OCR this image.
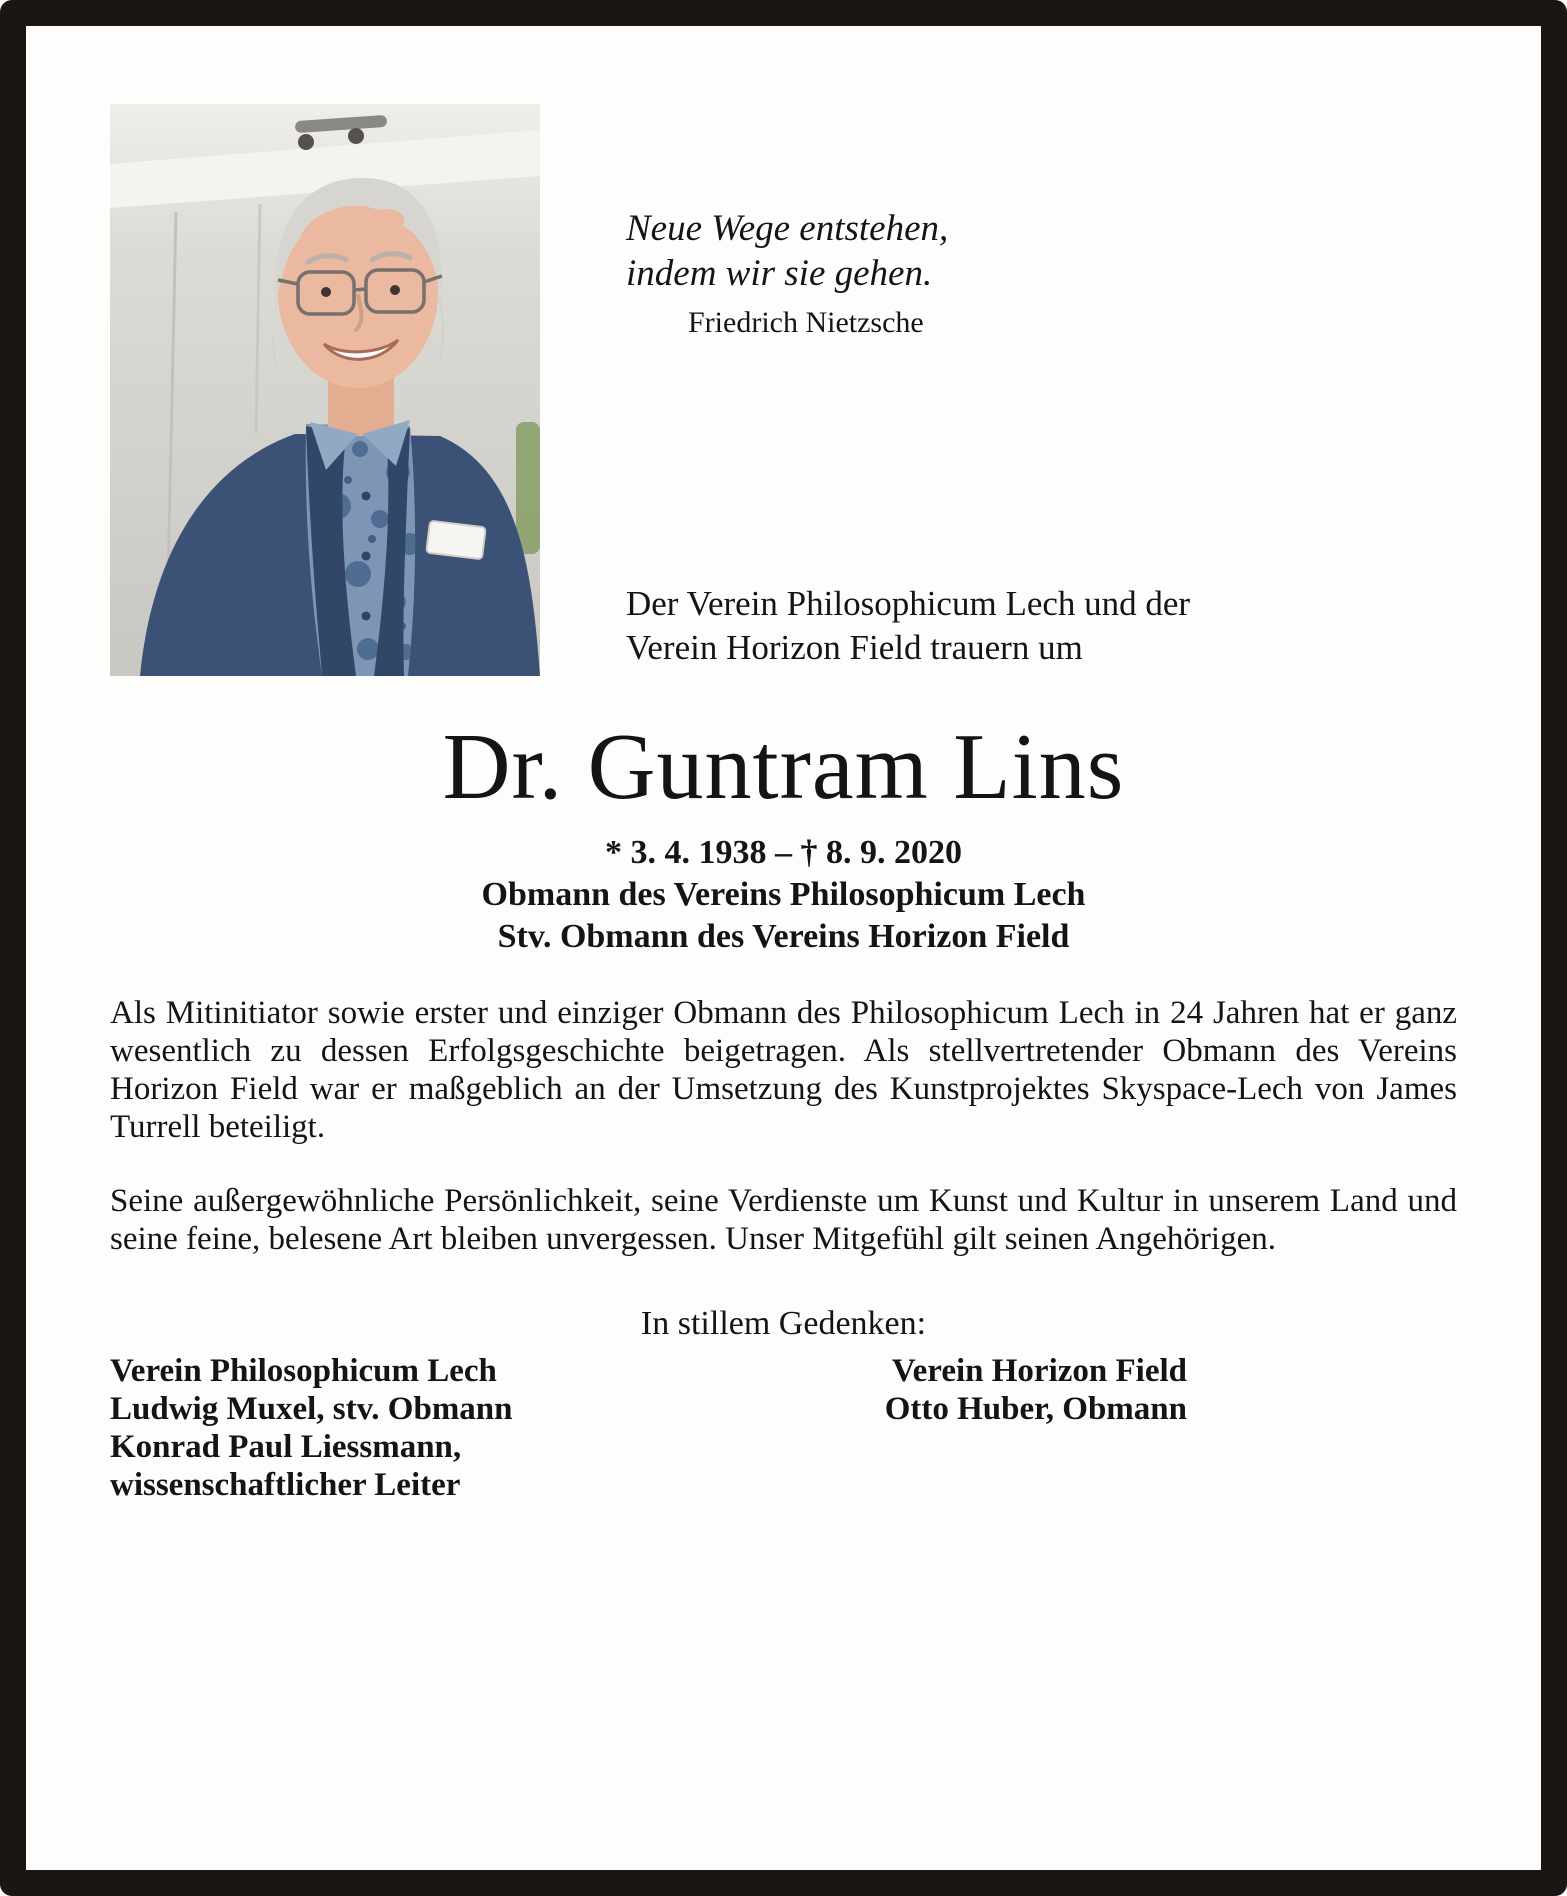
Neue Wege entstehen,
indem wir sie gehen.
Friedrich Nietzsche
Der Verein Philosophicum Lech und der
Verein Horizon Field trauern um
Dr. Guntram Lins
* 3. 4. 1938 – † 8. 9. 2020
Obmann des Vereins Philosophicum Lech
Stv. Obmann des Vereins Horizon Field

Als Mitinitiator sowie erster und einziger Obmann des Philosophicum Lech in 24 Jahren hat er ganz wesentlich zu dessen Erfolgsgeschichte beigetragen. Als stellvertretender Obmann des Vereins Horizon Field war er maßgeblich an der Umsetzung des Kunstprojektes Skyspace-Lech von James Turrell beteiligt.

Seine außergewöhnliche Persönlichkeit, seine Verdienste um Kunst und Kultur in unserem Land und seine feine, belesene Art bleiben unvergessen. Unser Mitgefühl gilt seinen Angehörigen.

In stillem Gedenken:
Verein Philosophicum Lech
Ludwig Muxel, stv. Obmann
Konrad Paul Liessmann,
wissenschaftlicher Leiter
Verein Horizon Field
Otto Huber, Obmann
